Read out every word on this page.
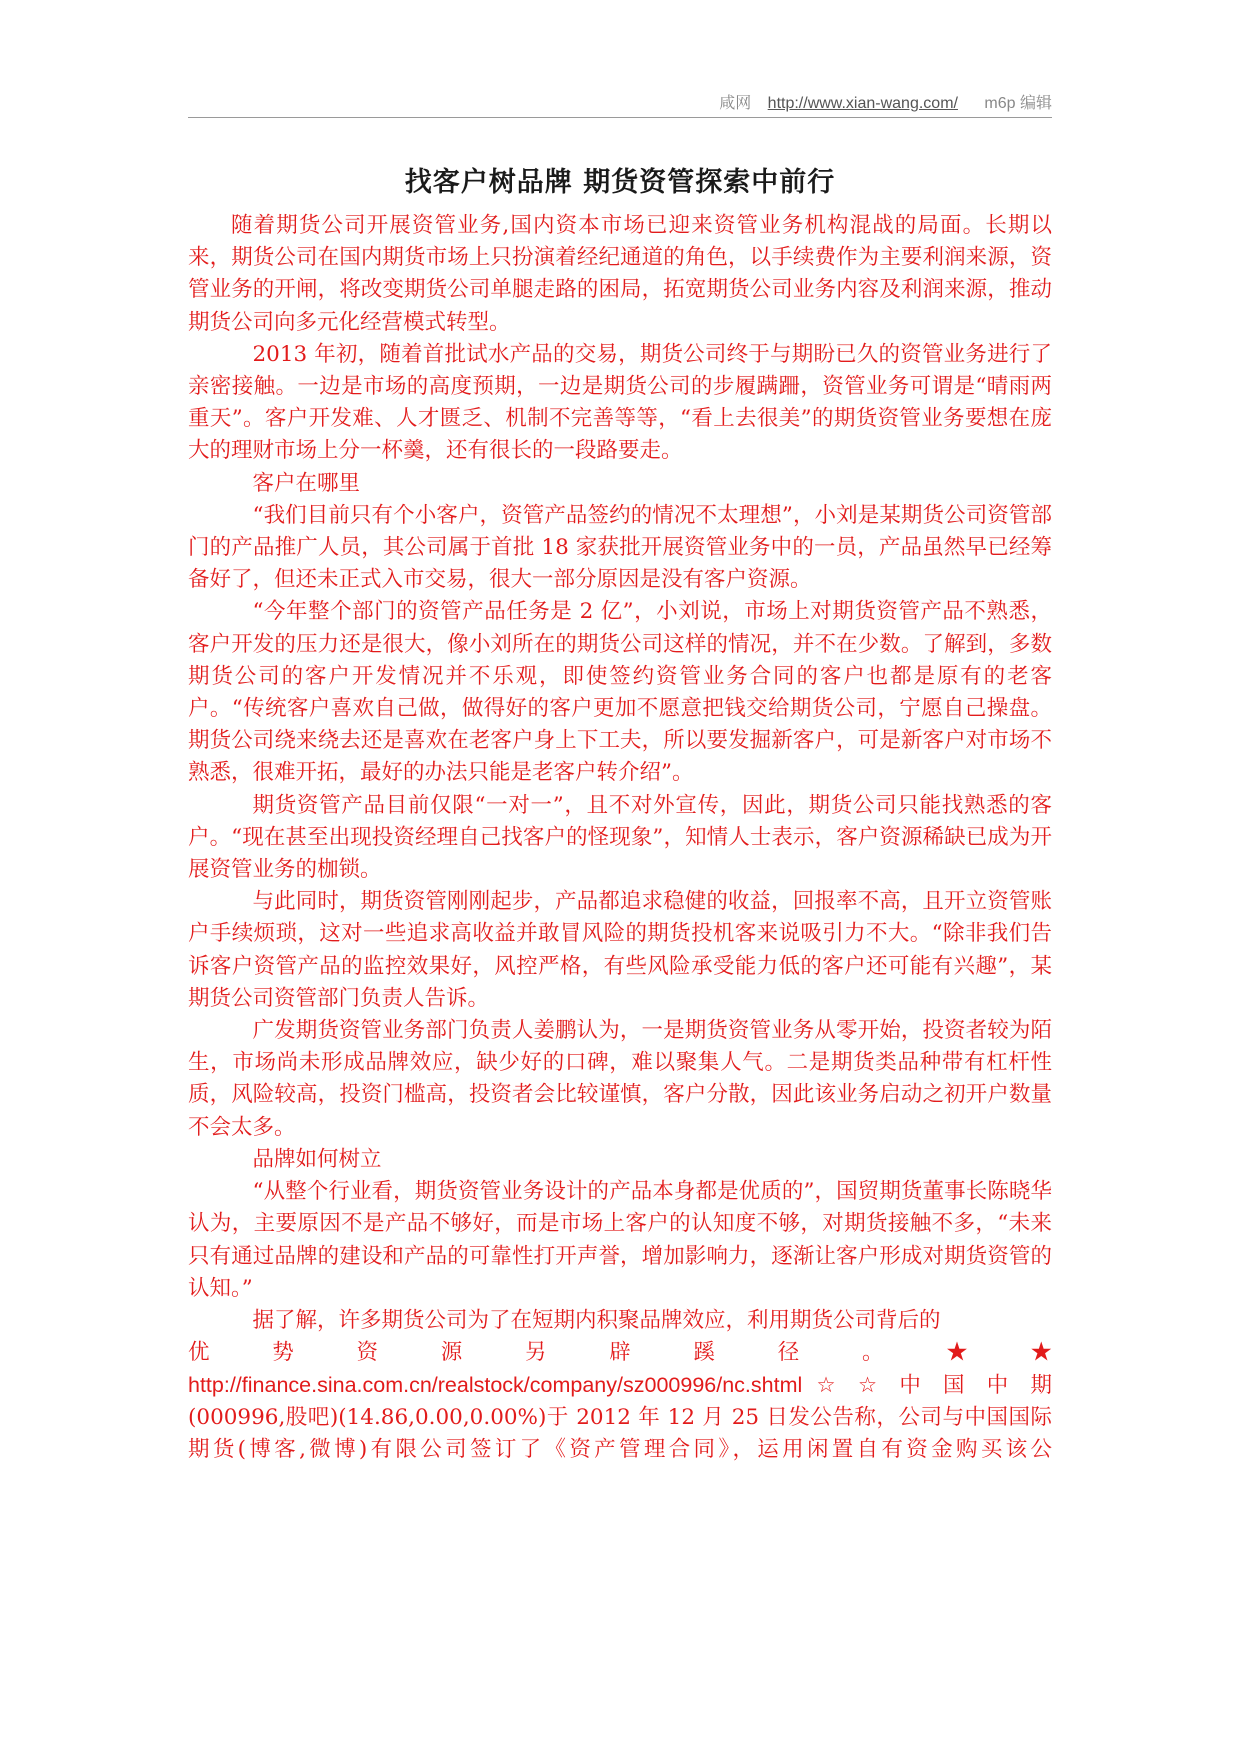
咸网 http://www.xian-wang.com/ m6p 编辑
找客户树品牌 期货资管探索中前行

随着期货公司开展资管业务,国内资本市场已迎来资管业务机构混战的局面。长期以来，期货公司在国内期货市场上只扮演着经纪通道的角色，以手续费作为主要利润来源，资管业务的开闸，将改变期货公司单腿走路的困局，拓宽期货公司业务内容及利润来源，推动期货公司向多元化经营模式转型。

2013 年初，随着首批试水产品的交易，期货公司终于与期盼已久的资管业务进行了亲密接触。一边是市场的高度预期，一边是期货公司的步履蹒跚，资管业务可谓是“晴雨两重天”。客户开发难、人才匮乏、机制不完善等等，“看上去很美”的期货资管业务要想在庞大的理财市场上分一杯羹，还有很长的一段路要走。

客户在哪里

“我们目前只有个小客户，资管产品签约的情况不太理想”，小刘是某期货公司资管部门的产品推广人员，其公司属于首批 18 家获批开展资管业务中的一员，产品虽然早已经筹备好了，但还未正式入市交易，很大一部分原因是没有客户资源。

“今年整个部门的资管产品任务是 2 亿”，小刘说，市场上对期货资管产品不熟悉，客户开发的压力还是很大，像小刘所在的期货公司这样的情况，并不在少数。了解到，多数期货公司的客户开发情况并不乐观，即使签约资管业务合同的客户也都是原有的老客户。“传统客户喜欢自己做，做得好的客户更加不愿意把钱交给期货公司，宁愿自己操盘。期货公司绕来绕去还是喜欢在老客户身上下工夫，所以要发掘新客户，可是新客户对市场不熟悉，很难开拓，最好的办法只能是老客户转介绍”。

期货资管产品目前仅限“一对一”，且不对外宣传，因此，期货公司只能找熟悉的客户。“现在甚至出现投资经理自己找客户的怪现象”，知情人士表示，客户资源稀缺已成为开展资管业务的枷锁。

与此同时，期货资管刚刚起步，产品都追求稳健的收益，回报率不高，且开立资管账户手续烦琐，这对一些追求高收益并敢冒风险的期货投机客来说吸引力不大。“除非我们告诉客户资管产品的监控效果好，风控严格，有些风险承受能力低的客户还可能有兴趣”，某期货公司资管部门负责人告诉。

广发期货资管业务部门负责人姜鹏认为，一是期货资管业务从零开始，投资者较为陌生，市场尚未形成品牌效应，缺少好的口碑，难以聚集人气。二是期货类品种带有杠杆性质，风险较高，投资门槛高，投资者会比较谨慎，客户分散，因此该业务启动之初开户数量不会太多。

品牌如何树立

“从整个行业看，期货资管业务设计的产品本身都是优质的”，国贸期货董事长陈晓华认为，主要原因不是产品不够好，而是市场上客户的认知度不够，对期货接触不多，“未来只有通过品牌的建设和产品的可靠性打开声誉，增加影响力，逐渐让客户形成对期货资管的认知。”

据了解，许多期货公司为了在短期内积聚品牌效应，利用期货公司背后的

优 势 资 源 另 辟 蹊 径 。 ★ ★
http://finance.sina.com.cn/realstock/company/sz000996/nc.shtml ☆ ☆ 中 国 中 期
(000996,股吧)(14.86,0.00,0.00%)于 2012 年 12 月 25 日发公告称，公司与中国国际
期货(博客,微博)有限公司签订了《资产管理合同》，运用闲置自有资金购买该公
